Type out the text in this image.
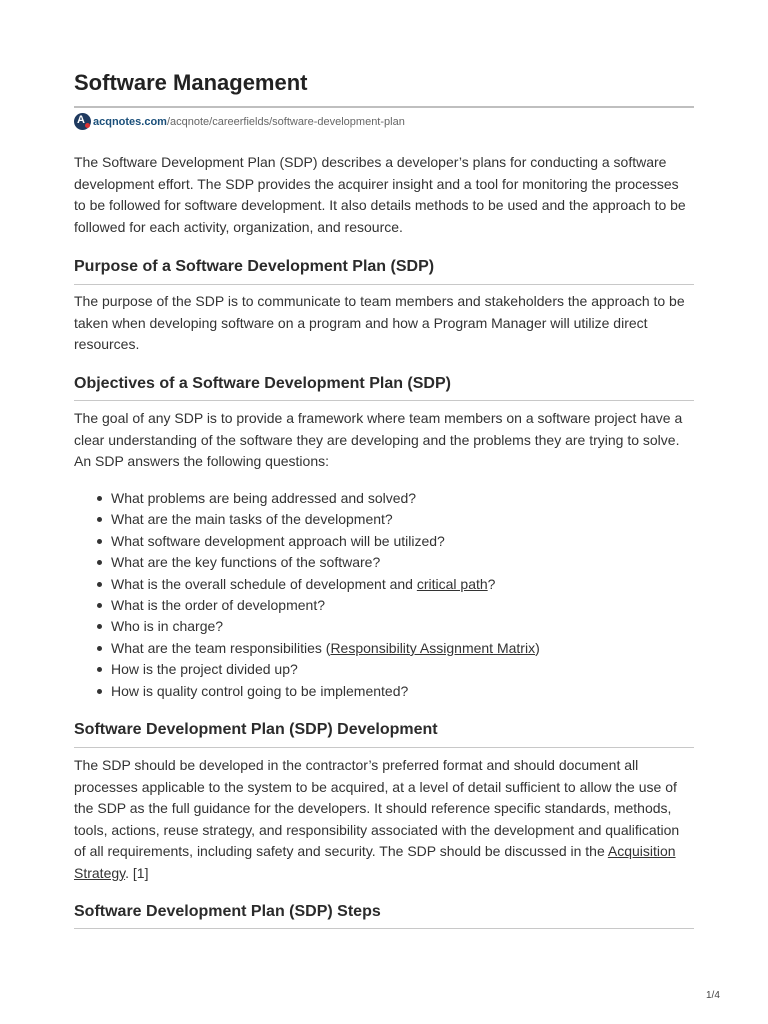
Software Management
A
acqnotes.com/acqnote/careerfields/software-development-plan

The Software Development Plan (SDP) describes a developer’s plans for conducting a software development effort. The SDP provides the acquirer insight and a tool for monitoring the processes to be followed for software development. It also details methods to be used and the approach to be followed for each activity, organization, and resource.

Purpose of a Software Development Plan (SDP)

The purpose of the SDP is to communicate to team members and stakeholders the approach to be taken when developing software on a program and how a Program Manager will utilize direct resources.

Objectives of a Software Development Plan (SDP)

The goal of any SDP is to provide a framework where team members on a software project have a clear understanding of the software they are developing and the problems they are trying to solve. An SDP answers the following questions:

What problems are being addressed and solved?
What are the main tasks of the development?
What software development approach will be utilized?
What are the key functions of the software?
What is the overall schedule of development and critical path?
What is the order of development?
Who is in charge?
What are the team responsibilities (Responsibility Assignment Matrix)
How is the project divided up?
How is quality control going to be implemented?
Software Development Plan (SDP) Development

The SDP should be developed in the contractor’s preferred format and should document all processes applicable to the system to be acquired, at a level of detail sufficient to allow the use of the SDP as the full guidance for the developers. It should reference specific standards, methods, tools, actions, reuse strategy, and responsibility associated with the development and qualification of all requirements, including safety and security. The SDP should be discussed in the Acquisition Strategy. [1]

Software Development Plan (SDP) Steps
1/4
